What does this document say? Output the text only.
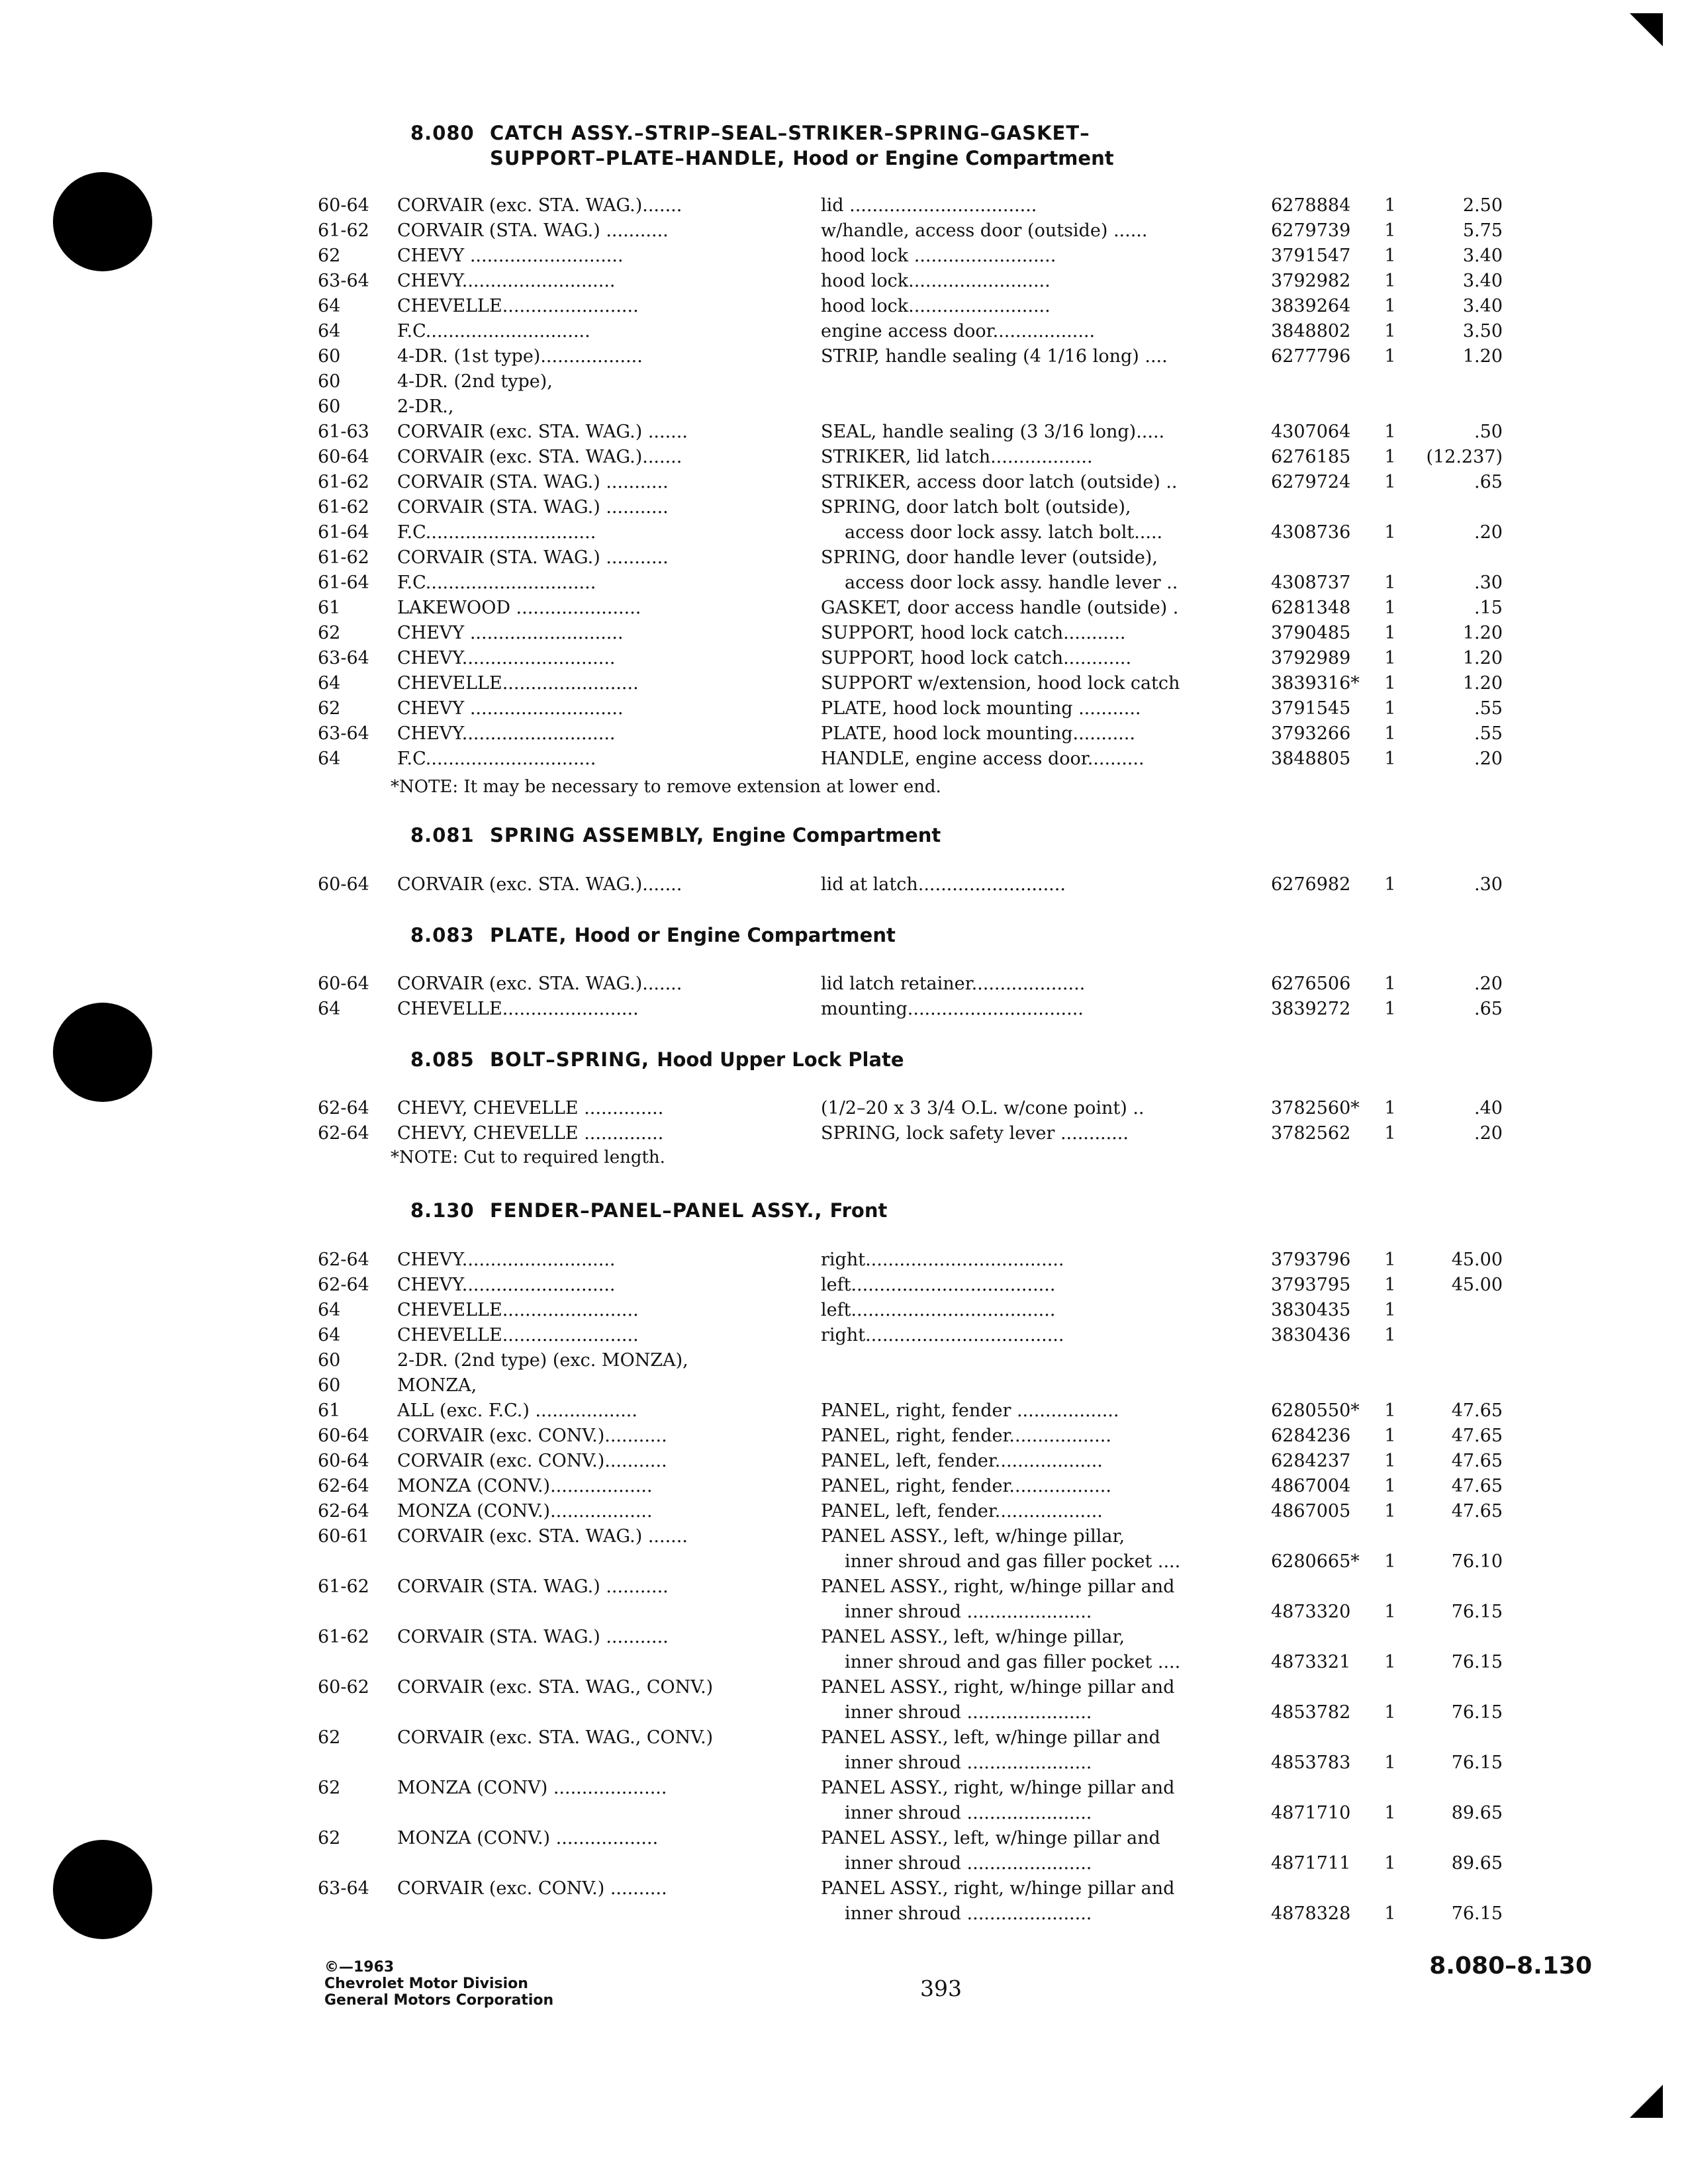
8.080 CATCH ASSY.–STRIP–SEAL–STRIKER–SPRING–GASKET–
SUPPORT–PLATE–HANDLE, Hood or Engine Compartment
60-64	CORVAIR (exc. STA. WAG.).......	lid .................................	6278884	1	2.50
61-62	CORVAIR (STA. WAG.) ...........	w/handle, access door (outside) ......	6279739	1	5.75
62	CHEVY ...........................	hood lock .........................	3791547	1	3.40
63-64	CHEVY...........................	hood lock.........................	3792982	1	3.40
64	CHEVELLE........................	hood lock.........................	3839264	1	3.40
64	F.C.............................	engine access door..................	3848802	1	3.50
60	4-DR. (1st type)..................	STRIP, handle sealing (4 1/16 long) ....	6277796	1	1.20
60	4-DR. (2nd type),
60	2-DR.,
61-63	CORVAIR (exc. STA. WAG.) .......	SEAL, handle sealing (3 3/16 long).....	4307064	1	.50
60-64	CORVAIR (exc. STA. WAG.).......	STRIKER, lid latch..................	6276185	1	(12.237)
61-62	CORVAIR (STA. WAG.) ...........	STRIKER, access door latch (outside) ..	6279724	1	.65
61-62	CORVAIR (STA. WAG.) ...........	SPRING, door latch bolt (outside),
61-64	F.C..............................	access door lock assy. latch bolt.....	4308736	1	.20
61-62	CORVAIR (STA. WAG.) ...........	SPRING, door handle lever (outside),
61-64	F.C..............................	access door lock assy. handle lever ..	4308737	1	.30
61	LAKEWOOD ......................	GASKET, door access handle (outside) .	6281348	1	.15
62	CHEVY ...........................	SUPPORT, hood lock catch...........	3790485	1	1.20
63-64	CHEVY...........................	SUPPORT, hood lock catch............	3792989	1	1.20
64	CHEVELLE........................	SUPPORT w/extension, hood lock catch	3839316*	1	1.20
62	CHEVY ...........................	PLATE, hood lock mounting ...........	3791545	1	.55
63-64	CHEVY...........................	PLATE, hood lock mounting...........	3793266	1	.55
64	F.C..............................	HANDLE, engine access door..........	3848805	1	.20
*NOTE: It may be necessary to remove extension at lower end.
8.081 SPRING ASSEMBLY, Engine Compartment
60-64	CORVAIR (exc. STA. WAG.).......	lid at latch..........................	6276982	1	.30
8.083 PLATE, Hood or Engine Compartment
60-64	CORVAIR (exc. STA. WAG.).......	lid latch retainer....................	6276506	1	.20
64	CHEVELLE........................	mounting...............................	3839272	1	.65
8.085 BOLT–SPRING, Hood Upper Lock Plate
62-64	CHEVY, CHEVELLE ..............	(1/2–20 x 3 3/4 O.L. w/cone point) ..	3782560*	1	.40
62-64	CHEVY, CHEVELLE ..............	SPRING, lock safety lever ............	3782562	1	.20
*NOTE: Cut to required length.
8.130 FENDER–PANEL–PANEL ASSY., Front
62-64	CHEVY...........................	right...................................	3793796	1	45.00
62-64	CHEVY...........................	left....................................	3793795	1	45.00
64	CHEVELLE........................	left....................................	3830435	1
64	CHEVELLE........................	right...................................	3830436	1
60	2-DR. (2nd type) (exc. MONZA),
60	MONZA,
61	ALL (exc. F.C.) ..................	PANEL, right, fender ..................	6280550*	1	47.65
60-64	CORVAIR (exc. CONV.)...........	PANEL, right, fender..................	6284236	1	47.65
60-64	CORVAIR (exc. CONV.)...........	PANEL, left, fender...................	6284237	1	47.65
62-64	MONZA (CONV.)..................	PANEL, right, fender..................	4867004	1	47.65
62-64	MONZA (CONV.)..................	PANEL, left, fender...................	4867005	1	47.65
60-61	CORVAIR (exc. STA. WAG.) .......	PANEL ASSY., left, w/hinge pillar,
inner shroud and gas filler pocket ....	6280665*	1	76.10
61-62	CORVAIR (STA. WAG.) ...........	PANEL ASSY., right, w/hinge pillar and
inner shroud ......................	4873320	1	76.15
61-62	CORVAIR (STA. WAG.) ...........	PANEL ASSY., left, w/hinge pillar,
inner shroud and gas filler pocket ....	4873321	1	76.15
60-62	CORVAIR (exc. STA. WAG., CONV.)	PANEL ASSY., right, w/hinge pillar and
inner shroud ......................	4853782	1	76.15
62	CORVAIR (exc. STA. WAG., CONV.)	PANEL ASSY., left, w/hinge pillar and
inner shroud ......................	4853783	1	76.15
62	MONZA (CONV) ....................	PANEL ASSY., right, w/hinge pillar and
inner shroud ......................	4871710	1	89.65
62	MONZA (CONV.) ..................	PANEL ASSY., left, w/hinge pillar and
inner shroud ......................	4871711	1	89.65
63-64	CORVAIR (exc. CONV.) ..........	PANEL ASSY., right, w/hinge pillar and
inner shroud ......................	4878328	1	76.15
©—1963
Chevrolet Motor Division
General Motors Corporation	393
8.080–8.130
